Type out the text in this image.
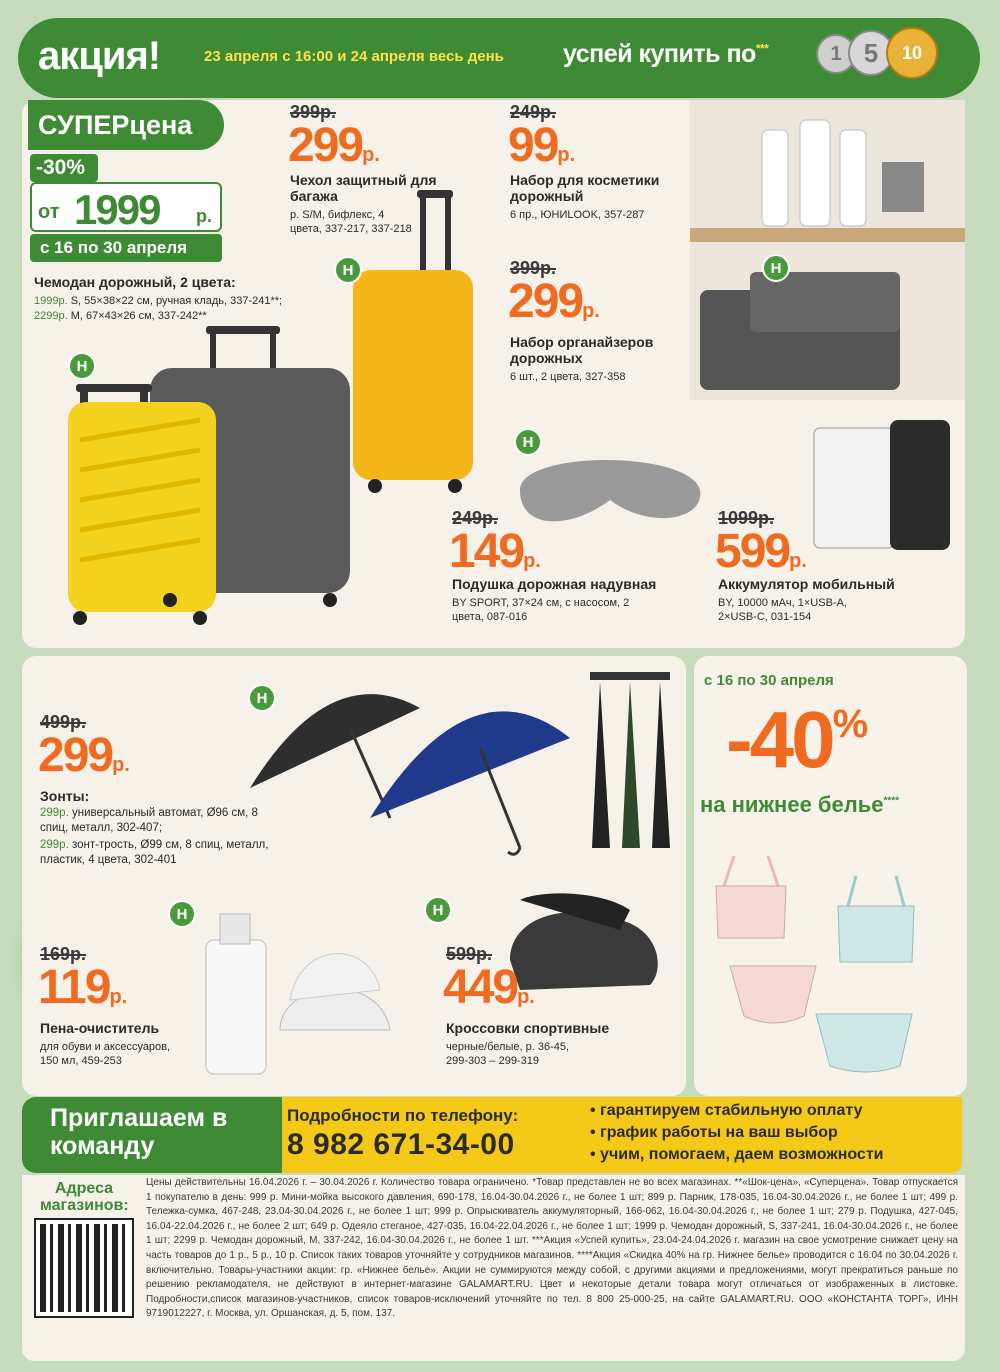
акция!	23 апреля с 16:00 и 24 апреля весь день успей купить по***	1 5	10
СУПЕРцена
-30%
от 1999 р.
с 16 по 30 апреля
Чемодан дорожный, 2 цвета:
1999р. S, 55×38×22 см, ручная кладь, 337-241**;
2299р. M, 67×43×26 см, 337-242**
Н
Н
399р.
299р.
Чехол защитный для багажа
р. S/M, бифлекс, 4 цвета, 337-217, 337-218
249р.
99р.
Набор для косметики дорожный
6 пр., ЮНИLOOK, 357-287
Н
399р.
299р.
Набор органайзеров дорожных
6 шт., 2 цвета, 327-358
Н
249р.
149р.
Подушка дорожная надувная
BY SPORT, 37×24 см, с насосом, 2 цвета, 087-016
1099р.
599р.
Аккумулятор мобильный
BY, 10000 мАч, 1×USB-A, 2×USB-C, 031-154
Н
499р.
299р.
Зонты:
299р. универсальный автомат, Ø96 см, 8 спиц, металл, 302-407;
299р. зонт-трость, Ø99 см, 8 спиц, металл, пластик, 4 цвета, 302-401
Н
169р.
119р.
Пена-очиститель
для обуви и аксессуаров, 150 мл, 459-253
Н
599р.
449р.
Кроссовки спортивные
черные/белые, р. 36-45, 299-303 – 299-319
с 16 по 30 апреля
-40%
на нижнее белье****
Приглашаем в команду
Подробности по телефону:
8 982 671-34-00
• гарантируем стабильную оплату
• график работы на ваш выбор
• учим, помогаем, даем возможности
Адреса магазинов:
Цены действительны 16.04.2026 г. – 30.04.2026 г. Количество товара ограничено. *Товар представлен не во всех магазинах. **«Шок-цена», «Суперцена». Товар отпускается 1 покупателю в день: 999 р. Мини-мойка высокого давления, 690-178, 16.04-30.04.2026 г., не более 1 шт; 899 р. Парник, 178-035, 16.04-30.04.2026 г., не более 1 шт; 499 р. Тележка-сумка, 467-248, 23.04-30.04.2026 г., не более 1 шт; 999 р. Опрыскиватель аккумуляторный, 166-062, 16.04-30.04.2026 г., не более 1 шт; 279 р. Подушка, 427-045, 16.04-22.04.2026 г., не более 2 шт; 649 р. Одеяло стеганое, 427-035, 16.04-22.04.2026 г., не более 1 шт; 1999 р. Чемодан дорожный, S, 337-241, 16.04-30.04.2026 г., не более 1 шт; 2299 р. Чемодан дорожный, M, 337-242, 16.04-30.04.2026 г., не более 1 шт. ***Акция «Успей купить», 23.04-24.04.2026 г. магазин на свое усмотрение снижает цену на часть товаров до 1 р., 5 р., 10 р. Список таких товаров уточняйте у сотрудников магазинов. ****Акция «Скидка 40% на гр. Нижнее белье» проводится с 16.04 по 30.04.2026 г. включительно. Товары-участники акции: гр. «Нижнее белье». Акции не суммируются между собой, с другими акциями и предложениями, могут прекратиться раньше по решению рекламодателя, не действуют в интернет-магазине GALAMART.RU. Цвет и некоторые детали товара могут отличаться от изображенных в листовке. Подробности,список магазинов-участников, список товаров-исключений уточняйте по тел. 8 800 25-000-25, на сайте GALAMART.RU. ООО «КОНСТАНТА ТОРГ», ИНН 9719012227, г. Москва, ул. Оршанская, д. 5, пом. 137.
